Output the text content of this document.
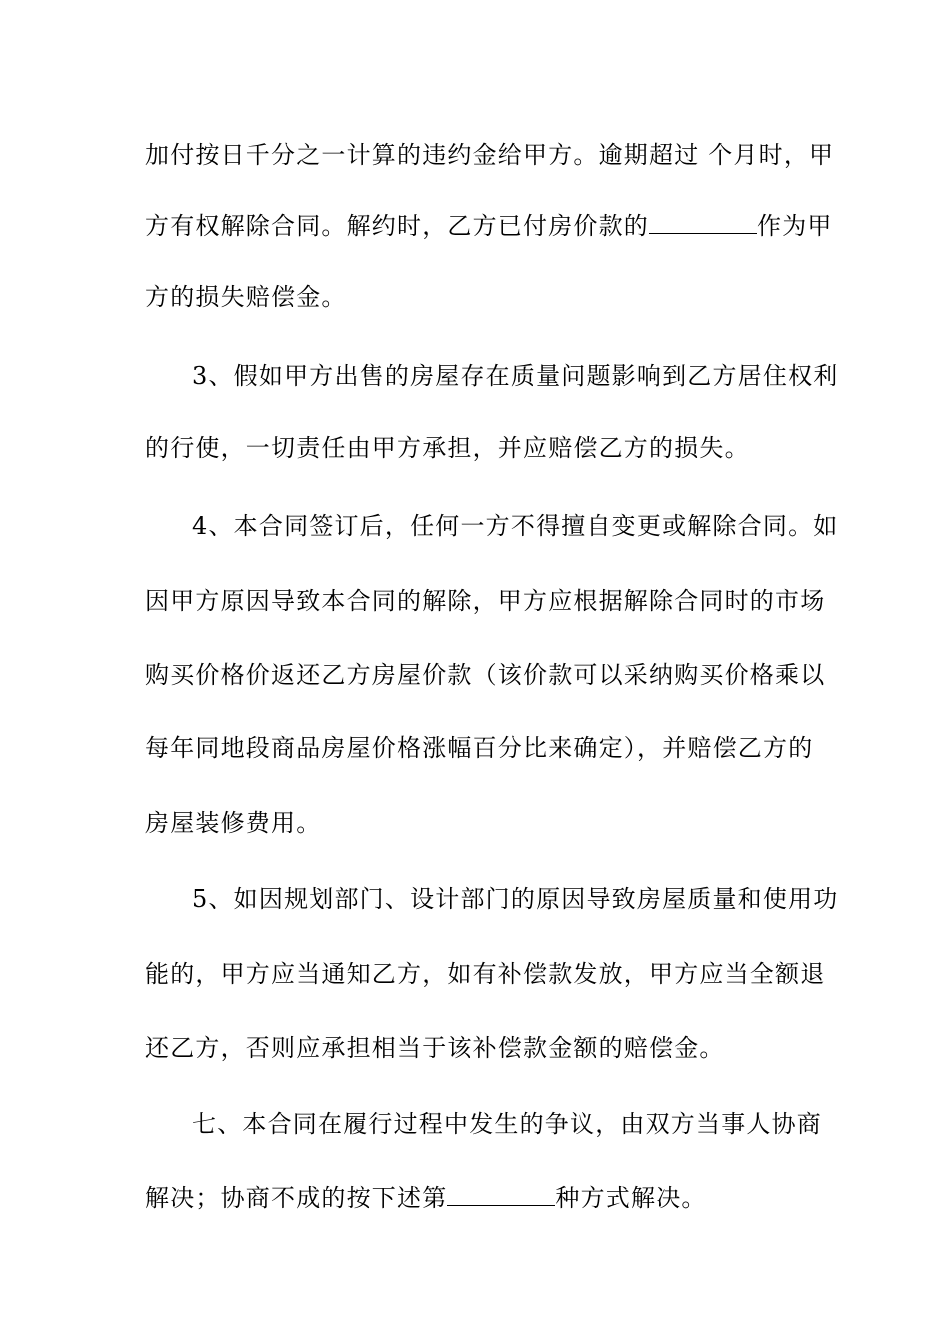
加付按日千分之一计算的违约金给甲方。逾期超过 个月时，甲
方有权解除合同。解约时，乙方已付房价款的	作为甲
方的损失赔偿金。
3、假如甲方出售的房屋存在质量问题影响到乙方居住权利
的行使，一切责任由甲方承担，并应赔偿乙方的损失。
4、本合同签订后，任何一方不得擅自变更或解除合同。如
因甲方原因导致本合同的解除，甲方应根据解除合同时的市场
购买价格价返还乙方房屋价款（该价款可以采纳购买价格乘以
每年同地段商品房屋价格涨幅百分比来确定），并赔偿乙方的
房屋装修费用。
5、如因规划部门、设计部门的原因导致房屋质量和使用功
能的，甲方应当通知乙方，如有补偿款发放，甲方应当全额退
还乙方，否则应承担相当于该补偿款金额的赔偿金。
七、本合同在履行过程中发生的争议，由双方当事人协商
解决；协商不成的按下述第	种方式解决。
